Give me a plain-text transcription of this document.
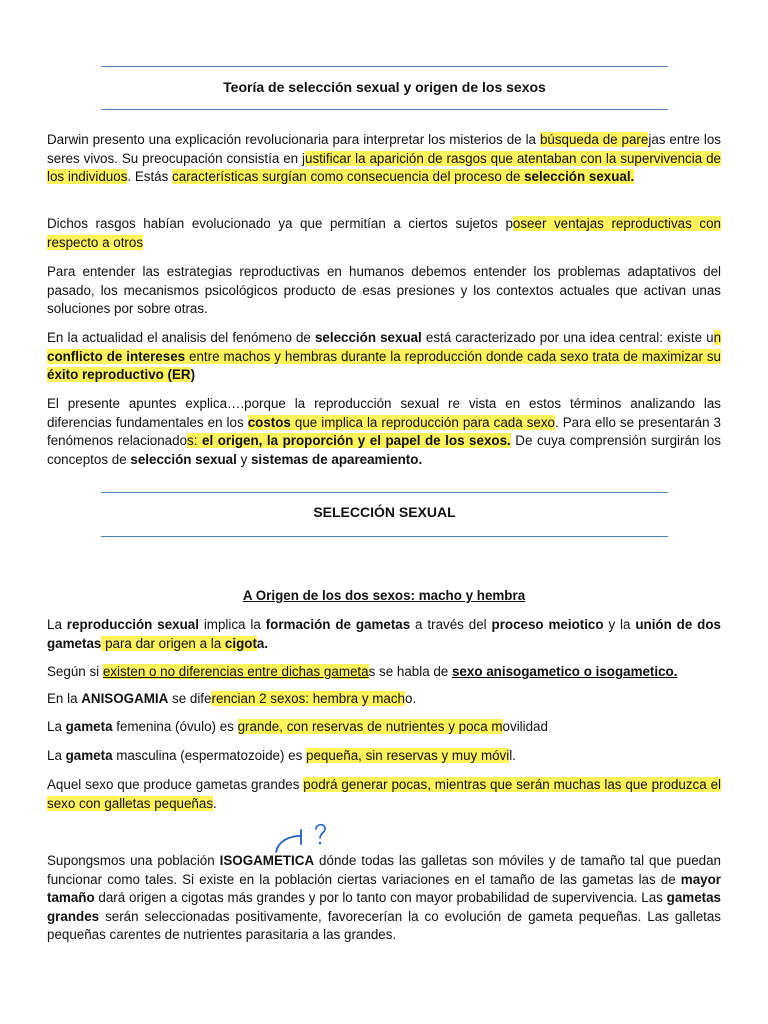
Teoría de selección sexual y origen de los sexos

Darwin presento una explicación revolucionaria para interpretar los misterios de la búsqueda de parejas entre los seres vivos. Su preocupación consistía en justificar la aparición de rasgos que atentaban con la supervivencia de los individuos. Estás características surgían como consecuencia del proceso de selección sexual.

Dichos rasgos habían evolucionado ya que permitían a ciertos sujetos poseer ventajas reproductivas con respecto a otros

Para entender las estrategias reproductivas en humanos debemos entender los problemas adaptativos del pasado, los mecanismos psicológicos producto de esas presiones y los contextos actuales que activan unas soluciones por sobre otras.

En la actualidad el analisis del fenómeno de selección sexual está caracterizado por una idea central: existe un conflicto de intereses entre machos y hembras durante la reproducción donde cada sexo trata de maximizar su éxito reproductivo (ER)

El presente apuntes explica….porque la reproducción sexual re vista en estos términos analizando las diferencias fundamentales en los costos que implica la reproducción para cada sexo. Para ello se presentarán 3 fenómenos relacionados: el origen, la proporción y el papel de los sexos. De cuya comprensión surgirán los conceptos de selección sexual y sistemas de apareamiento.

SELECCIÓN SEXUAL
A Origen de los dos sexos: macho y hembra

La reproducción sexual implica la formación de gametas a través del proceso meiotico y la unión de dos gametas para dar origen a la cigota.

Según si existen o no diferencias entre dichas gametas se habla de sexo anisogametico o isogametico.

En la ANISOGAMIA se diferencian 2 sexos: hembra y macho.

La gameta femenina (óvulo) es grande, con reservas de nutrientes y poca movilidad

La gameta masculina (espermatozoide) es pequeña, sin reservas y muy móvil.

Aquel sexo que produce gametas grandes podrá generar pocas, mientras que serán muchas las que produzca el sexo con galletas pequeñas.

Supongsmos una población ISOGAMETICA dónde todas las galletas son móviles y de tamaño tal que puedan funcionar como tales. Si existe en la población ciertas variaciones en el tamaño de las gametas las de mayor tamaño dará origen a cigotas más grandes y por lo tanto con mayor probabilidad de supervivencia. Las gametas grandes serán seleccionadas positivamente, favorecerían la co evolución de gameta pequeñas. Las galletas pequeñas carentes de nutrientes parasitaria a las grandes.
